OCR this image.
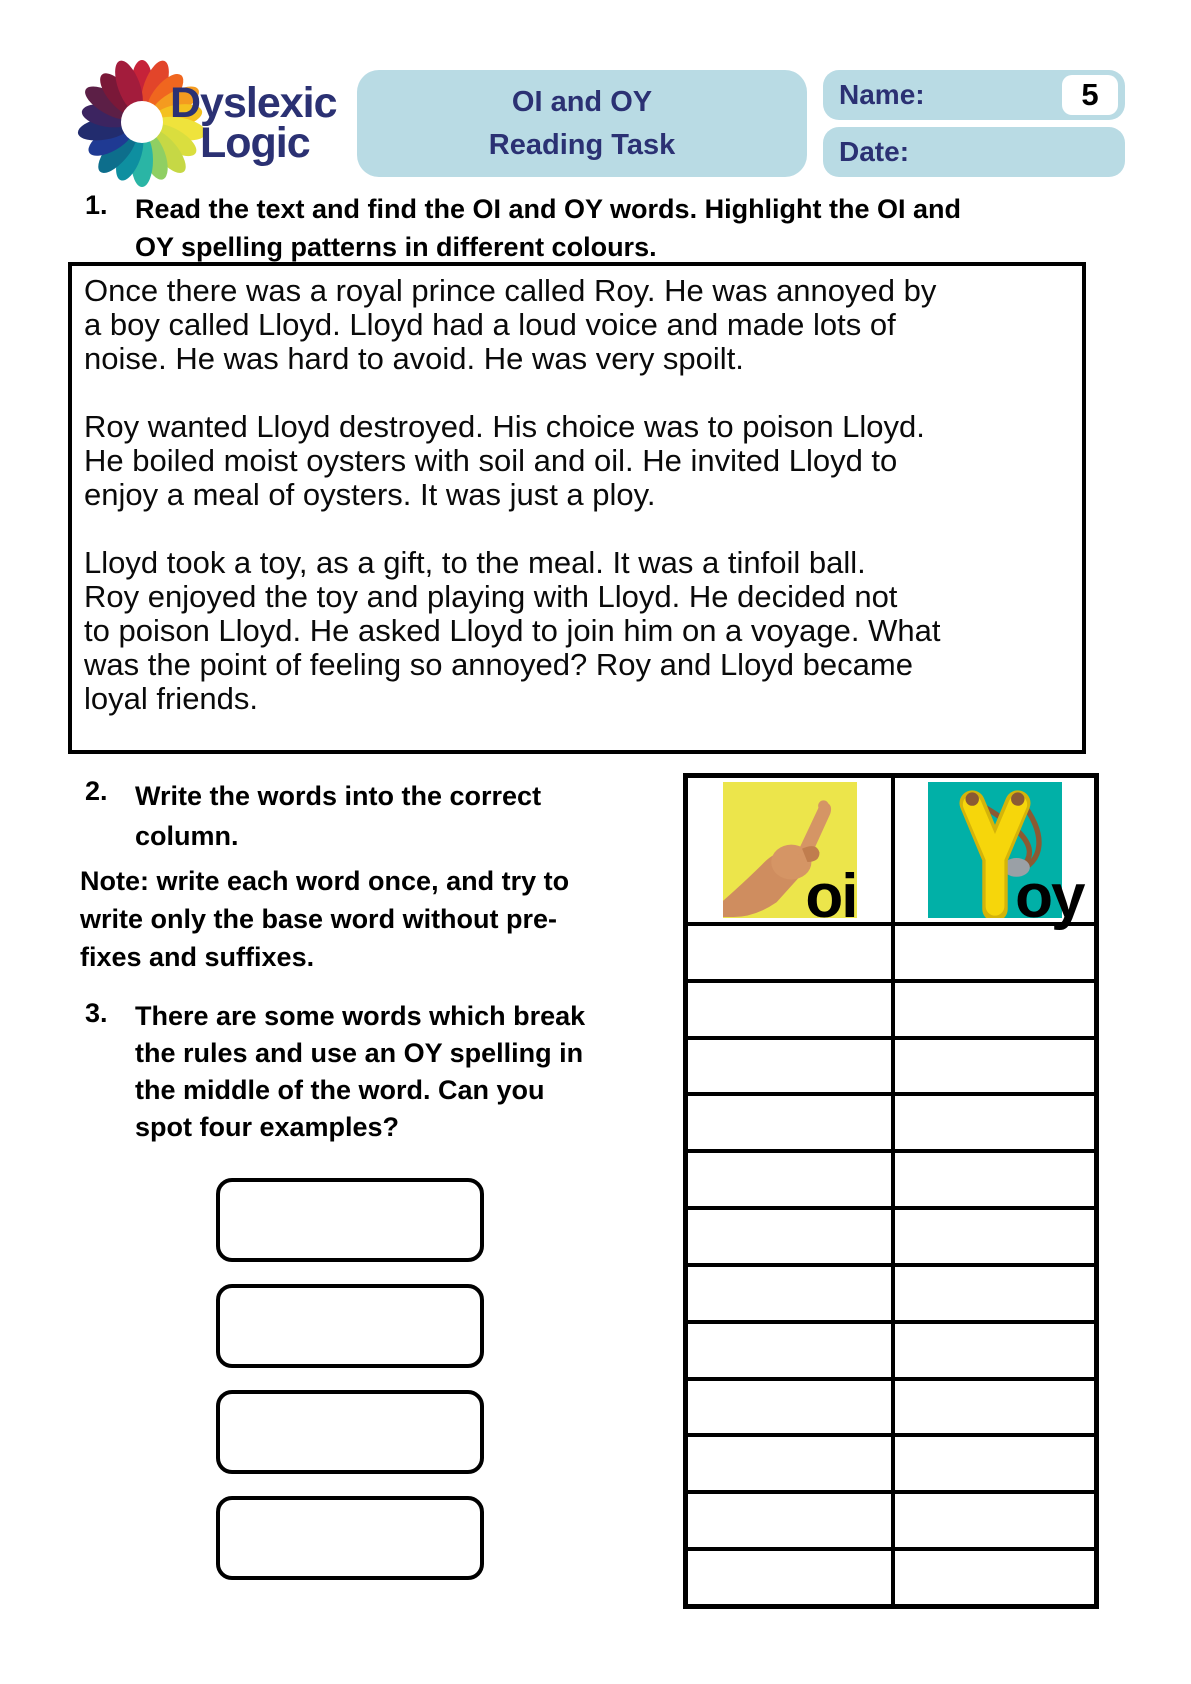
Dyslexic
Logic
OI and OY
Reading Task
Name:	5
Date:
1. Read the text and find the OI and OY words. Highlight the OI and
OY spelling patterns in different colours.
Once there was a royal prince called Roy. He was annoyed by
a boy called Lloyd. Lloyd had a loud voice and made lots of
noise. He was hard to avoid. He was very spoilt.
Roy wanted Lloyd destroyed. His choice was to poison Lloyd.
He boiled moist oysters with soil and oil. He invited Lloyd to
enjoy a meal of oysters. It was just a ploy.
Lloyd took a toy, as a gift, to the meal. It was a tinfoil ball.
Roy enjoyed the toy and playing with Lloyd. He decided not
to poison Lloyd. He asked Lloyd to join him on a voyage. What
was the point of feeling so annoyed? Roy and Lloyd became
loyal friends.
2. Write the words into the correct
column.
Note: write each word once, and try to
write only the base word without pre-
fixes and suffixes.
3. There are some words which break
the rules and use an OY spelling in
the middle of the word. Can you
spot four examples?
oi	oy
